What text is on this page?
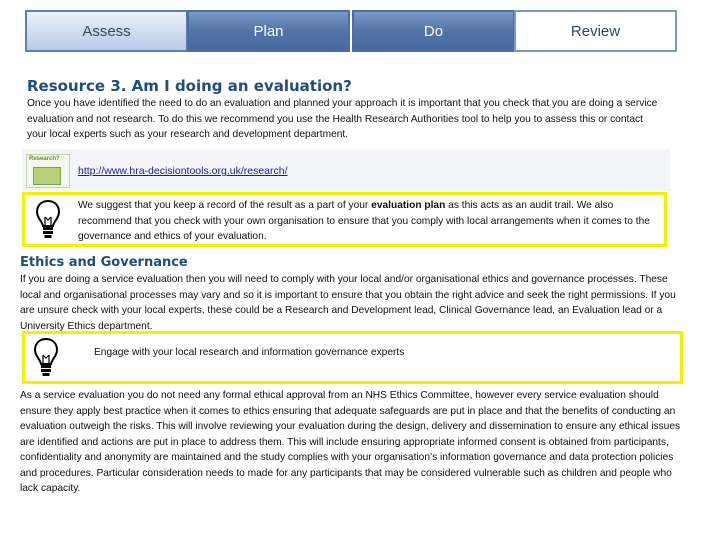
Assess	Plan	Do	Review
Resource 3. Am I doing an evaluation?
Once you have identified the need to do an evaluation and planned your approach it is important that you check that you are doing a service evaluation and not research. To do this we recommend you use the Health Research Authorities tool to help you to assess this or contact your local experts such as your research and development department.
Research?
http://www.hra-decisiontools.org.uk/research/
We suggest that you keep a record of the result as a part of your evaluation plan as this acts as an audit trail. We also recommend that you check with your own organisation to ensure that you comply with local arrangements when it comes to the governance and ethics of your evaluation.
Ethics and Governance
If you are doing a service evaluation then you will need to comply with your local and/or organisational ethics and governance processes. These local and organisational processes may vary and so it is important to ensure that you obtain the right advice and seek the right permissions. If you are unsure check with your local experts, these could be a Research and Development lead, Clinical Governance lead, an Evaluation lead or a University Ethics department.
Engage with your local research and information governance experts
As a service evaluation you do not need any formal ethical approval from an NHS Ethics Committee, however every service evaluation should ensure they apply best practice when it comes to ethics ensuring that adequate safeguards are put in place and that the benefits of conducting an evaluation outweigh the risks. This will involve reviewing your evaluation during the design, delivery and dissemination to ensure any ethical issues are identified and actions are put in place to address them. This will include ensuring appropriate informed consent is obtained from participants, confidentiality and anonymity are maintained and the study complies with your organisation’s information governance and data protection policies and procedures. Particular consideration needs to made for any participants that may be considered vulnerable such as children and people who lack capacity.
